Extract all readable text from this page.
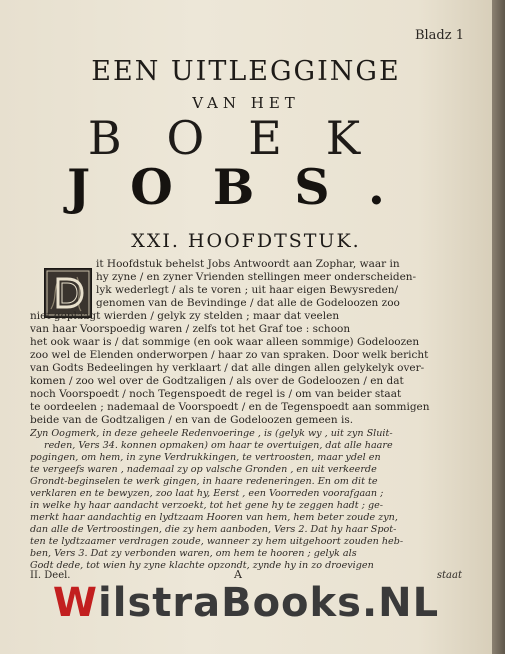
Bladz 1
EEN UITLEGGINGE
VAN HET
BOEK
JOBS.
XXI. HOOFDTSTUK.
it Hoofdstuk behelst Jobs Antwoordt aan Zophar, waar in
hy zyne / en zyner Vrienden stellingen meer onderscheiden-
lyk wederlegt / als te voren ; uit haar eigen Bewysreden/
genomen van de Bevindinge / dat alle de Godeloozen zoo
niet geplaagt wierden / gelyk zy stelden ; maar dat veelen
van haar Voorspoedig waren / zelfs tot het Graf toe : schoon
het ook waar is / dat sommige (en ook waar alleen sommige) Godeloozen
zoo wel de Elenden onderworpen / haar zo van spraken. Door welk bericht
van Godts Bedeelingen hy verklaart / dat alle dingen allen gelykelyk over-
komen / zoo wel over de Godtzaligen / als over de Godeloozen / en dat
noch Voorspoedt / noch Tegenspoedt de regel is / om van beider staat
te oordeelen ; nademaal de Voorspoedt / en de Tegenspoedt aan sommigen
beide van de Godtzaligen / en van de Godeloozen gemeen is.
Zyn Oogmerk, in deze geheele Redenvoeringe , is (gelyk wy , uit zyn Sluit-
reden, Vers 34. konnen opmaken) om haar te overtuigen, dat alle haare
pogingen, om hem, in zyne Verdrukkingen, te vertroosten, maar ydel en
te vergeefs waren , nademaal zy op valsche Gronden , en uit verkeerde
Grondt-beginselen te werk gingen, in haare redeneringen. En om dit te
verklaren en te bewyzen, zoo laat hy, Eerst , een Voorreden voorafgaan ;
in welke hy haar aandacht verzoekt, tot het gene hy te zeggen hadt ; ge-
merkt haar aandachtig en lydtzaam Hooren van hem, hem beter zoude zyn,
dan alle de Vertroostingen, die zy hem aanboden, Vers 2. Dat hy haar Spot-
ten te lydtzaamer verdragen zoude, wanneer zy hem uitgehoort zouden heb-
ben, Vers 3. Dat zy verbonden waren, om hem te hooren ; gelyk als
Godt dede, tot wien hy zyne klachte opzondt, zynde hy in zo droevigen
II. Deel.	A	staat
WilstraBooks.NL
